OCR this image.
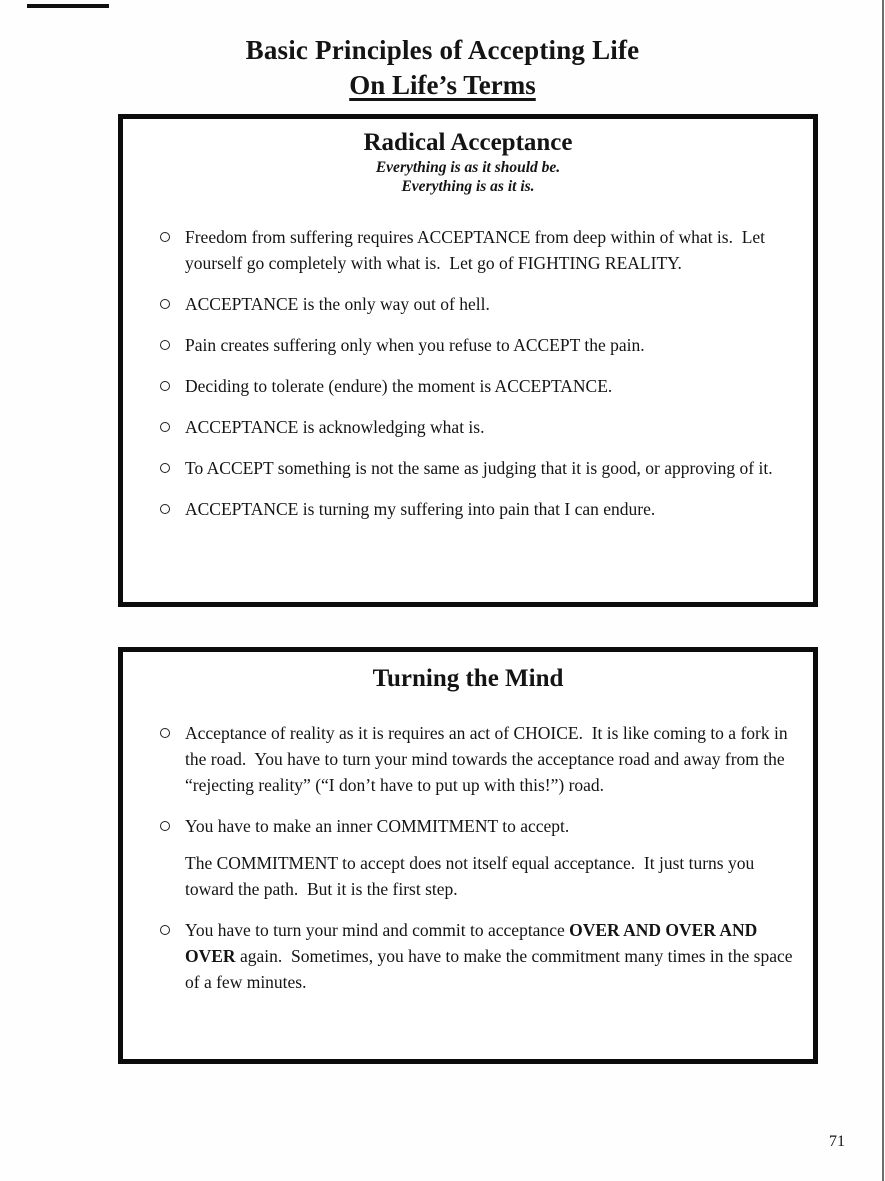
Basic Principles of Accepting Life
On Life’s Terms
Radical Acceptance
Everything is as it should be.
Everything is as it is.
Freedom from suffering requires ACCEPTANCE from deep within of what is.  Let yourself go completely with what is.  Let go of FIGHTING REALITY.
ACCEPTANCE is the only way out of hell.
Pain creates suffering only when you refuse to ACCEPT the pain.
Deciding to tolerate (endure) the moment is ACCEPTANCE.
ACCEPTANCE is acknowledging what is.
To ACCEPT something is not the same as judging that it is good, or approving of it.
ACCEPTANCE is turning my suffering into pain that I can endure.
Turning the Mind
Acceptance of reality as it is requires an act of CHOICE.  It is like coming to a fork in the road.  You have to turn your mind towards the acceptance road and away from the “rejecting reality” (“I don’t have to put up with this!”) road.
You have to make an inner COMMITMENT to accept.
The COMMITMENT to accept does not itself equal acceptance.  It just turns you toward the path.  But it is the first step.
You have to turn your mind and commit to acceptance OVER AND OVER AND OVER again.  Sometimes, you have to make the commitment many times in the space of a few minutes.
71
